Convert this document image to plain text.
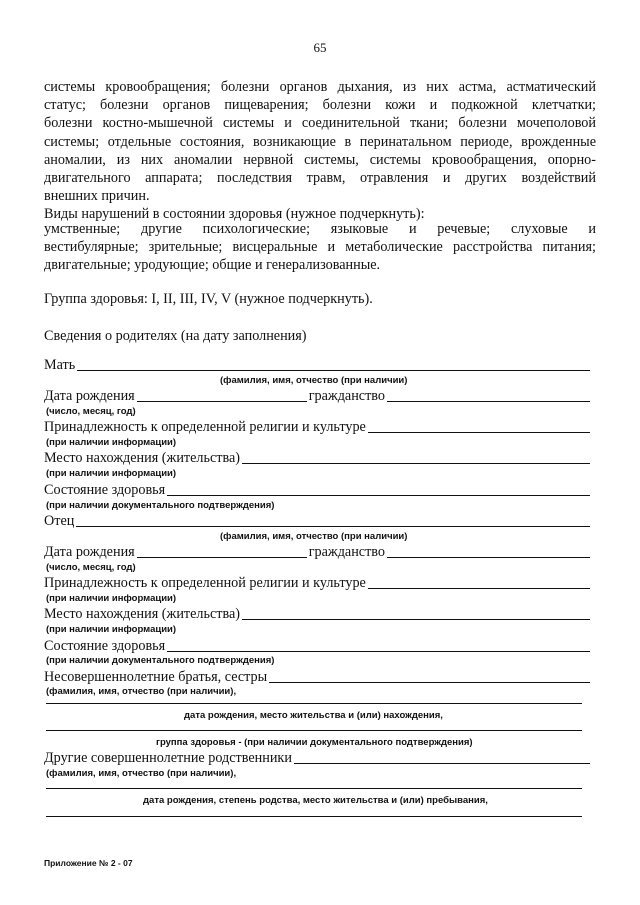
65
системы кровообращения; болезни органов дыхания, из них астма, астматический
статус; болезни органов пищеварения; болезни кожи и подкожной клетчатки;
болезни костно-мышечной системы и соединительной ткани; болезни мочеполовой
системы; отдельные состояния, возникающие в перинатальном периоде, врожденные
аномалии, из них аномалии нервной системы, системы кровообращения, опорно-
двигательного аппарата; последствия травм, отравления и других воздействий
внешних причин.
Виды нарушений в состоянии здоровья (нужное подчеркнуть):
умственные; другие психологические; языковые и речевые; слуховые и
вестибулярные; зрительные; висцеральные и метаболические расстройства питания;
двигательные; уродующие; общие и генерализованные.
Группа здоровья: I, II, III, IV, V (нужное подчеркнуть).
Сведения о родителях (на дату заполнения)
Мать
(фамилия, имя, отчество (при наличии)
Дата рождения	гражданство
(число, месяц, год)
Принадлежность к определенной религии и культуре
(при наличии информации)
Место нахождения (жительства)
(при наличии информации)
Состояние здоровья
(при наличии документального подтверждения)
Отец
(фамилия, имя, отчество (при наличии)
Дата рождения	гражданство
(число, месяц, год)
Принадлежность к определенной религии и культуре
(при наличии информации)
Место нахождения (жительства)
(при наличии информации)
Состояние здоровья
(при наличии документального подтверждения)
Несовершеннолетние братья, сестры
(фамилия, имя, отчество (при наличии),
дата рождения, место жительства и (или) нахождения,
группа здоровья - (при наличии документального подтверждения)
Другие совершеннолетние родственники
(фамилия, имя, отчество (при наличии),
дата рождения, степень родства, место жительства и (или) пребывания,
Приложение № 2 - 07
